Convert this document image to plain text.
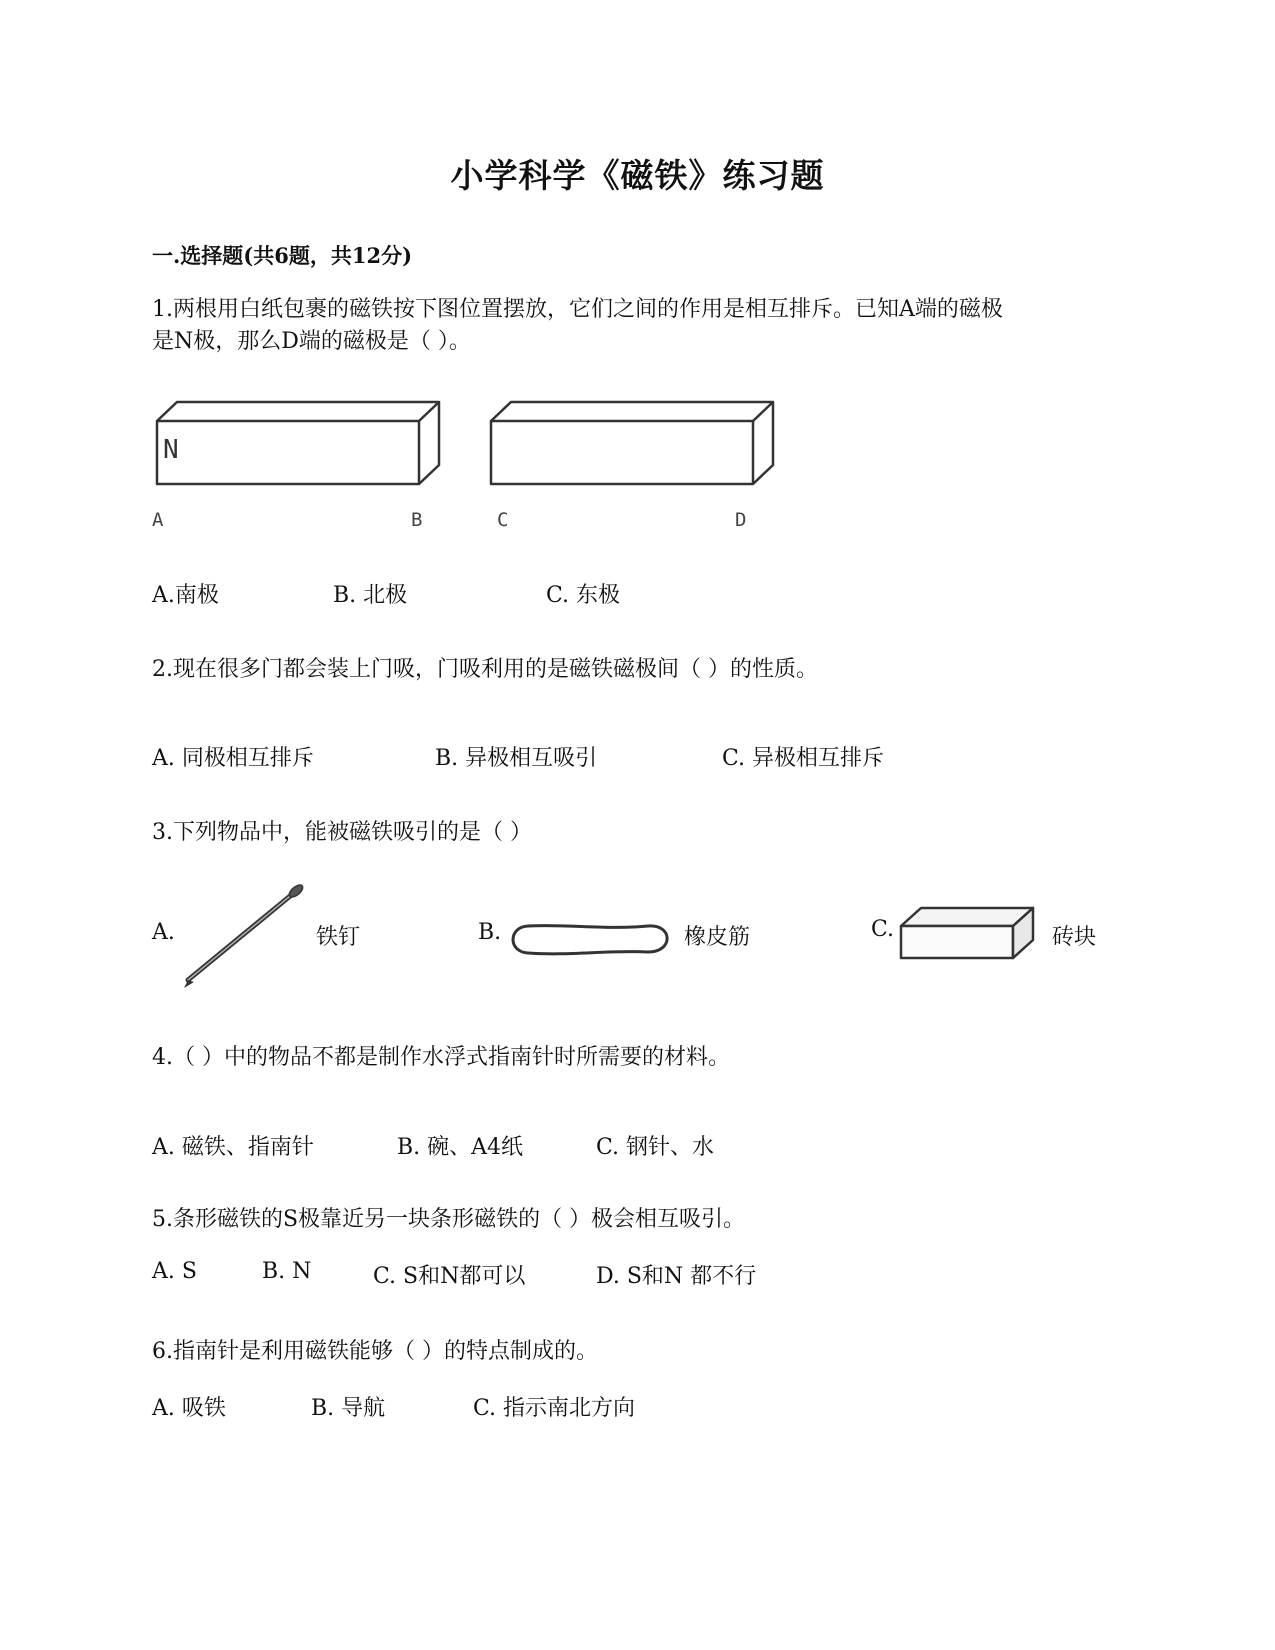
小学科学《磁铁》练习题
一.选择题(共6题，共12分)
1.两根用白纸包裹的磁铁按下图位置摆放，它们之间的作用是相互排斥。已知A端的磁极
是N极，那么D端的磁极是（ ）。
N
A	B	C	D
A.南极	B. 北极	C. 东极
2.现在很多门都会装上门吸，门吸利用的是磁铁磁极间（ ）的性质。
A. 同极相互排斥	B. 异极相互吸引	C. 异极相互排斥
3.下列物品中，能被磁铁吸引的是（ ）
A.	铁钉	B.	橡皮筋	C.	砖块
4.（ ）中的物品不都是制作水浮式指南针时所需要的材料。
A. 磁铁、指南针	B. 碗、A4纸	C. 钢针、水
5.条形磁铁的S极靠近另一块条形磁铁的（ ）极会相互吸引。
A. S	B. N	C. S和N都可以	D. S和N 都不行
6.指南针是利用磁铁能够（ ）的特点制成的。
A. 吸铁	B. 导航	C. 指示南北方向
